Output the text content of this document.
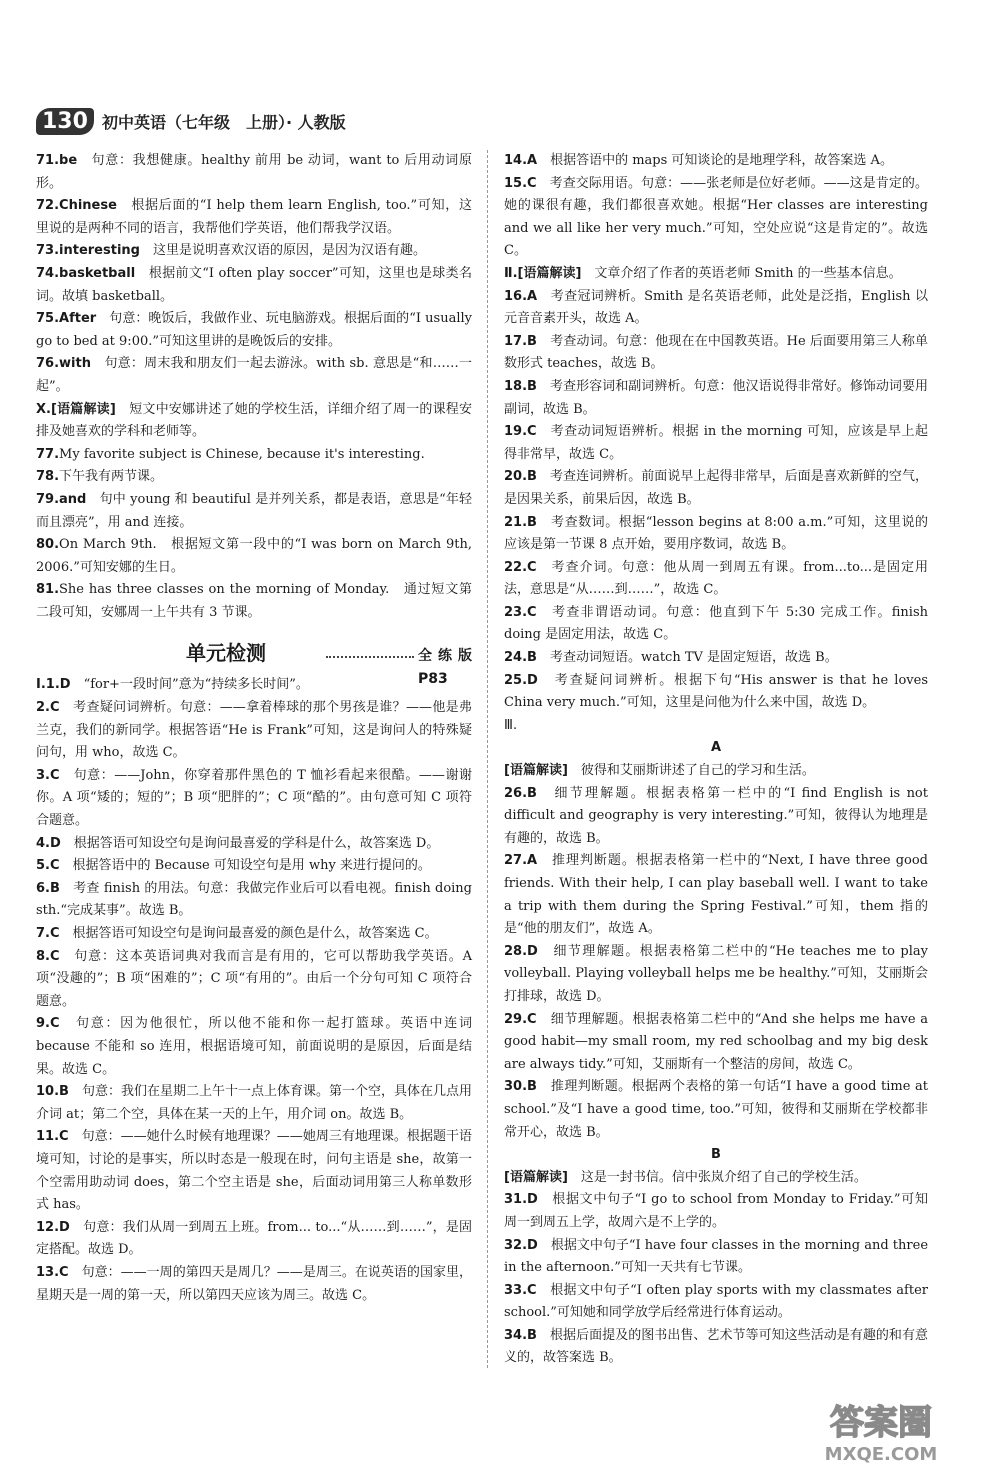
130 初中英语（七年级　上册）· 人教版

71.be　句意：我想健康。healthy 前用 be 动词，want to 后用动词原形。

72.Chinese　根据后面的“I help them learn English, too.”可知，这里说的是两种不同的语言，我帮他们学英语，他们帮我学汉语。

73.interesting　这里是说明喜欢汉语的原因，是因为汉语有趣。

74.basketball　根据前文“I often play soccer”可知，这里也是球类名词。故填 basketball。

75.After　句意：晚饭后，我做作业、玩电脑游戏。根据后面的“I usually go to bed at 9:00.”可知这里讲的是晚饭后的安排。

76.with　句意：周末我和朋友们一起去游泳。with sb. 意思是“和……一起”。

X.[语篇解读]　短文中安娜讲述了她的学校生活，详细介绍了周一的课程安排及她喜欢的学科和老师等。

77.My favorite subject is Chinese, because it's interesting.

78.下午我有两节课。

79.and　句中 young 和 beautiful 是并列关系，都是表语，意思是“年轻而且漂亮”，用 and 连接。

80.On March 9th.　根据短文第一段中的“I was born on March 9th, 2006.”可知安娜的生日。

81.She has three classes on the morning of Monday.　通过短文第二段可知，安娜周一上午共有 3 节课。

单元检测	全练版 P83

Ⅰ.1.D　“for+一段时间”意为“持续多长时间”。

2.C　考查疑问词辨析。句意：——拿着棒球的那个男孩是谁？——他是弗兰克，我们的新同学。根据答语“He is Frank”可知，这是询问人的特殊疑问句，用 who，故选 C。

3.C　句意：——John，你穿着那件黑色的 T 恤衫看起来很酷。——谢谢你。A 项“矮的；短的”；B 项“肥胖的”；C 项“酷的”。由句意可知 C 项符合题意。

4.D　根据答语可知设空句是询问最喜爱的学科是什么，故答案选 D。

5.C　根据答语中的 Because 可知设空句是用 why 来进行提问的。

6.B　考查 finish 的用法。句意：我做完作业后可以看电视。finish doing sth.“完成某事”。故选 B。

7.C　根据答语可知设空句是询问最喜爱的颜色是什么，故答案选 C。

8.C　句意：这本英语词典对我而言是有用的，它可以帮助我学英语。A 项“没趣的”；B 项“困难的”；C 项“有用的”。由后一个分句可知 C 项符合题意。

9.C　句意：因为他很忙，所以他不能和你一起打篮球。英语中连词 because 不能和 so 连用，根据语境可知，前面说明的是原因，后面是结果。故选 C。

10.B　句意：我们在星期二上午十一点上体育课。第一个空，具体在几点用介词 at；第二个空，具体在某一天的上午，用介词 on。故选 B。

11.C　句意：——她什么时候有地理课？——她周三有地理课。根据题干语境可知，讨论的是事实，所以时态是一般现在时，问句主语是 she，故第一个空需用助动词 does，第二个空主语是 she，后面动词用第三人称单数形式 has。

12.D　句意：我们从周一到周五上班。from... to...“从……到……”，是固定搭配。故选 D。

13.C　句意：——一周的第四天是周几？——是周三。在说英语的国家里，星期天是一周的第一天，所以第四天应该为周三。故选 C。

14.A　根据答语中的 maps 可知谈论的是地理学科，故答案选 A。

15.C　考查交际用语。句意：——张老师是位好老师。——这是肯定的。她的课很有趣，我们都很喜欢她。根据“Her classes are interesting and we all like her very much.”可知，空处应说“这是肯定的”。故选 C。

Ⅱ.[语篇解读]　文章介绍了作者的英语老师 Smith 的一些基本信息。

16.A　考查冠词辨析。Smith 是名英语老师，此处是泛指，English 以元音音素开头，故选 A。

17.B　考查动词。句意：他现在在中国教英语。He 后面要用第三人称单数形式 teaches，故选 B。

18.B　考查形容词和副词辨析。句意：他汉语说得非常好。修饰动词要用副词，故选 B。

19.C　考查动词短语辨析。根据 in the morning 可知，应该是早上起得非常早，故选 C。

20.B　考查连词辨析。前面说早上起得非常早，后面是喜欢新鲜的空气，是因果关系，前果后因，故选 B。

21.B　考查数词。根据“lesson begins at 8:00 a.m.”可知，这里说的应该是第一节课 8 点开始，要用序数词，故选 B。

22.C　考查介词。句意：他从周一到周五有课。from...to...是固定用法，意思是“从……到……”，故选 C。

23.C　考查非谓语动词。句意：他直到下午 5:30 完成工作。finish doing 是固定用法，故选 C。

24.B　考查动词短语。watch TV 是固定短语，故选 B。

25.D　考查疑问词辨析。根据下句“His answer is that he loves China very much.”可知，这里是问他为什么来中国，故选 D。

Ⅲ.

A

[语篇解读]　彼得和艾丽斯讲述了自己的学习和生活。

26.B　细节理解题。根据表格第一栏中的“I find English is not difficult and geography is very interesting.”可知，彼得认为地理是有趣的，故选 B。

27.A　推理判断题。根据表格第一栏中的“Next, I have three good friends. With their help, I can play baseball well. I want to take a trip with them during the Spring Festival.”可知，them 指的是“他的朋友们”，故选 A。

28.D　细节理解题。根据表格第二栏中的“He teaches me to play volleyball. Playing volleyball helps me be healthy.”可知，艾丽斯会打排球，故选 D。

29.C　细节理解题。根据表格第二栏中的“And she helps me have a good habit—my small room, my red schoolbag and my big desk are always tidy.”可知，艾丽斯有一个整洁的房间，故选 C。

30.B　推理判断题。根据两个表格的第一句话“I have a good time at school.”及“I have a good time, too.”可知，彼得和艾丽斯在学校都非常开心，故选 B。

B

[语篇解读]　这是一封书信。信中张岚介绍了自己的学校生活。

31.D　根据文中句子“I go to school from Monday to Friday.”可知周一到周五上学，故周六是不上学的。

32.D　根据文中句子“I have four classes in the morning and three in the afternoon.”可知一天共有七节课。

33.C　根据文中句子“I often play sports with my classmates after school.”可知她和同学放学后经常进行体育运动。

34.B　根据后面提及的图书出售、艺术节等可知这些活动是有趣的和有意义的，故答案选 B。

答案圈
MXQE.COM
